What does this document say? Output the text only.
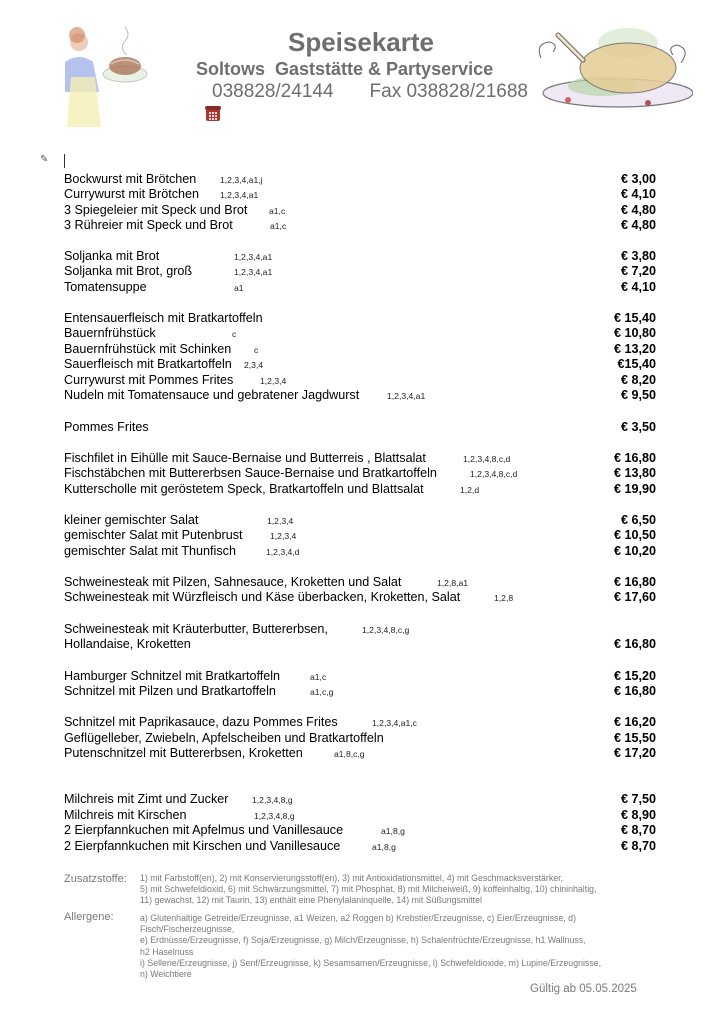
Speisekarte
Soltows  Gaststätte & Partyservice

038828/24144 Fax 038828/21688
✎
Bockwurst mit Brötchen	1,2,3,4,a1,j	€ 3,00
Currywurst mit Brötchen 1,2,3,4,a1	€ 4,10
3 Spiegeleier mit Speck und Brot	a1,c	€ 4,80
3 Rühreier mit Speck und Brot	a1,c	€ 4,80
Soljanka mit Brot	1,2,3,4,a1	€ 3,80
Soljanka mit Brot, groß	1,2,3,4,a1	€ 7,20
Tomatensuppe	a1	€ 4,10
Entensauerfleisch mit Bratkartoffeln	€ 15,40
Bauernfrühstück	c	€ 10,80
Bauernfrühstück mit Schinken	c	€ 13,20
Sauerfleisch mit Bratkartoffeln 2,3,4	€15,40
Currywurst mit Pommes Frites	1,2,3,4	€ 8,20
Nudeln mit Tomatensauce und gebratener Jagdwurst	1,2,3,4,a1	€ 9,50
Pommes Frites	€ 3,50
Fischfilet in Eihülle mit Sauce-Bernaise und Butterreis , Blattsalat	1,2,3,4,8,c,d	€ 16,80
Fischstäbchen mit Buttererbsen Sauce-Bernaise und Bratkartoffeln	1,2,3,4,8,c,d	€ 13,80
Kutterscholle mit geröstetem Speck, Bratkartoffeln und Blattsalat	1,2,d	€ 19,90
kleiner gemischter Salat	1,2,3,4	€ 6,50
gemischter Salat mit Putenbrust	1,2,3,4	€ 10,50
gemischter Salat mit Thunfisch	1,2,3,4,d	€ 10,20
Schweinesteak mit Pilzen, Sahnesauce, Kroketten und Salat	1,2,8,a1	€ 16,80
Schweinesteak mit Würzfleisch und Käse überbacken, Kroketten, Salat	1,2,8	€ 17,60
Schweinesteak mit Kräuterbutter, Buttererbsen,	1,2,3,4,8,c,g
Hollandaise, Kroketten	€ 16,80
Hamburger Schnitzel mit Bratkartoffeln	a1,c	€ 15,20
Schnitzel mit Pilzen und Bratkartoffeln	a1,c,g	€ 16,80
Schnitzel mit Paprikasauce, dazu Pommes Frites	1,2,3,4,a1,c	€ 16,20
Geflügelleber, Zwiebeln, Apfelscheiben und Bratkartoffeln	€ 15,50
Putenschnitzel mit Buttererbsen, Kroketten	a1,8,c,g	€ 17,20
Milchreis mit Zimt und Zucker	1,2,3,4,8,g	€ 7,50
Milchreis mit Kirschen	1,2,3,4,8,g	€ 8,90
2 Eierpfannkuchen mit Apfelmus und Vanillesauce	a1,8,g	€ 8,70
2 Eierpfannkuchen mit Kirschen und Vanillesauce	a1,8,g	€ 8,70
Zusatzstoffe: 1) mit Farbstoff(en), 2) mit Konservierungsstoff(en), 3) mit Antioxidationsmittel, 4) mit Geschmacksverstärker,
5) mit Schwefeldioxid, 6) mit Schwärzungsmittel, 7) mit Phosphat, 8) mit Milcheiweiß, 9) koffeinhaltig, 10) chininhaltig,
11) gewachst, 12) mit Taurin, 13) enthält eine Phenylalaninquelle, 14) mit Süßungsmittel
Allergene:	a) Glutenhaltige Getreide/Erzeugnisse, a1 Weizen, a2 Roggen b) Krebstier/Erzeugnisse, c) Eier/Erzeugnisse, d)
Fisch/Fischerzeugnisse,
e) Erdnüsse/Erzeugnisse, f) Soja/Erzeugnisse, g) Milch/Erzeugnisse, h) Schalenfrüchte/Erzeugnisse, h1 Wallnuss,
h2 Haselnuss
i) Sellerie/Erzeugnisse, j) Senf/Erzeugnisse, k) Sesamsamen/Erzeugnisse, l) Schwefeldioxide, m) Lupine/Erzeugnisse,
n) Weichtiere
Gültig ab 05.05.2025
